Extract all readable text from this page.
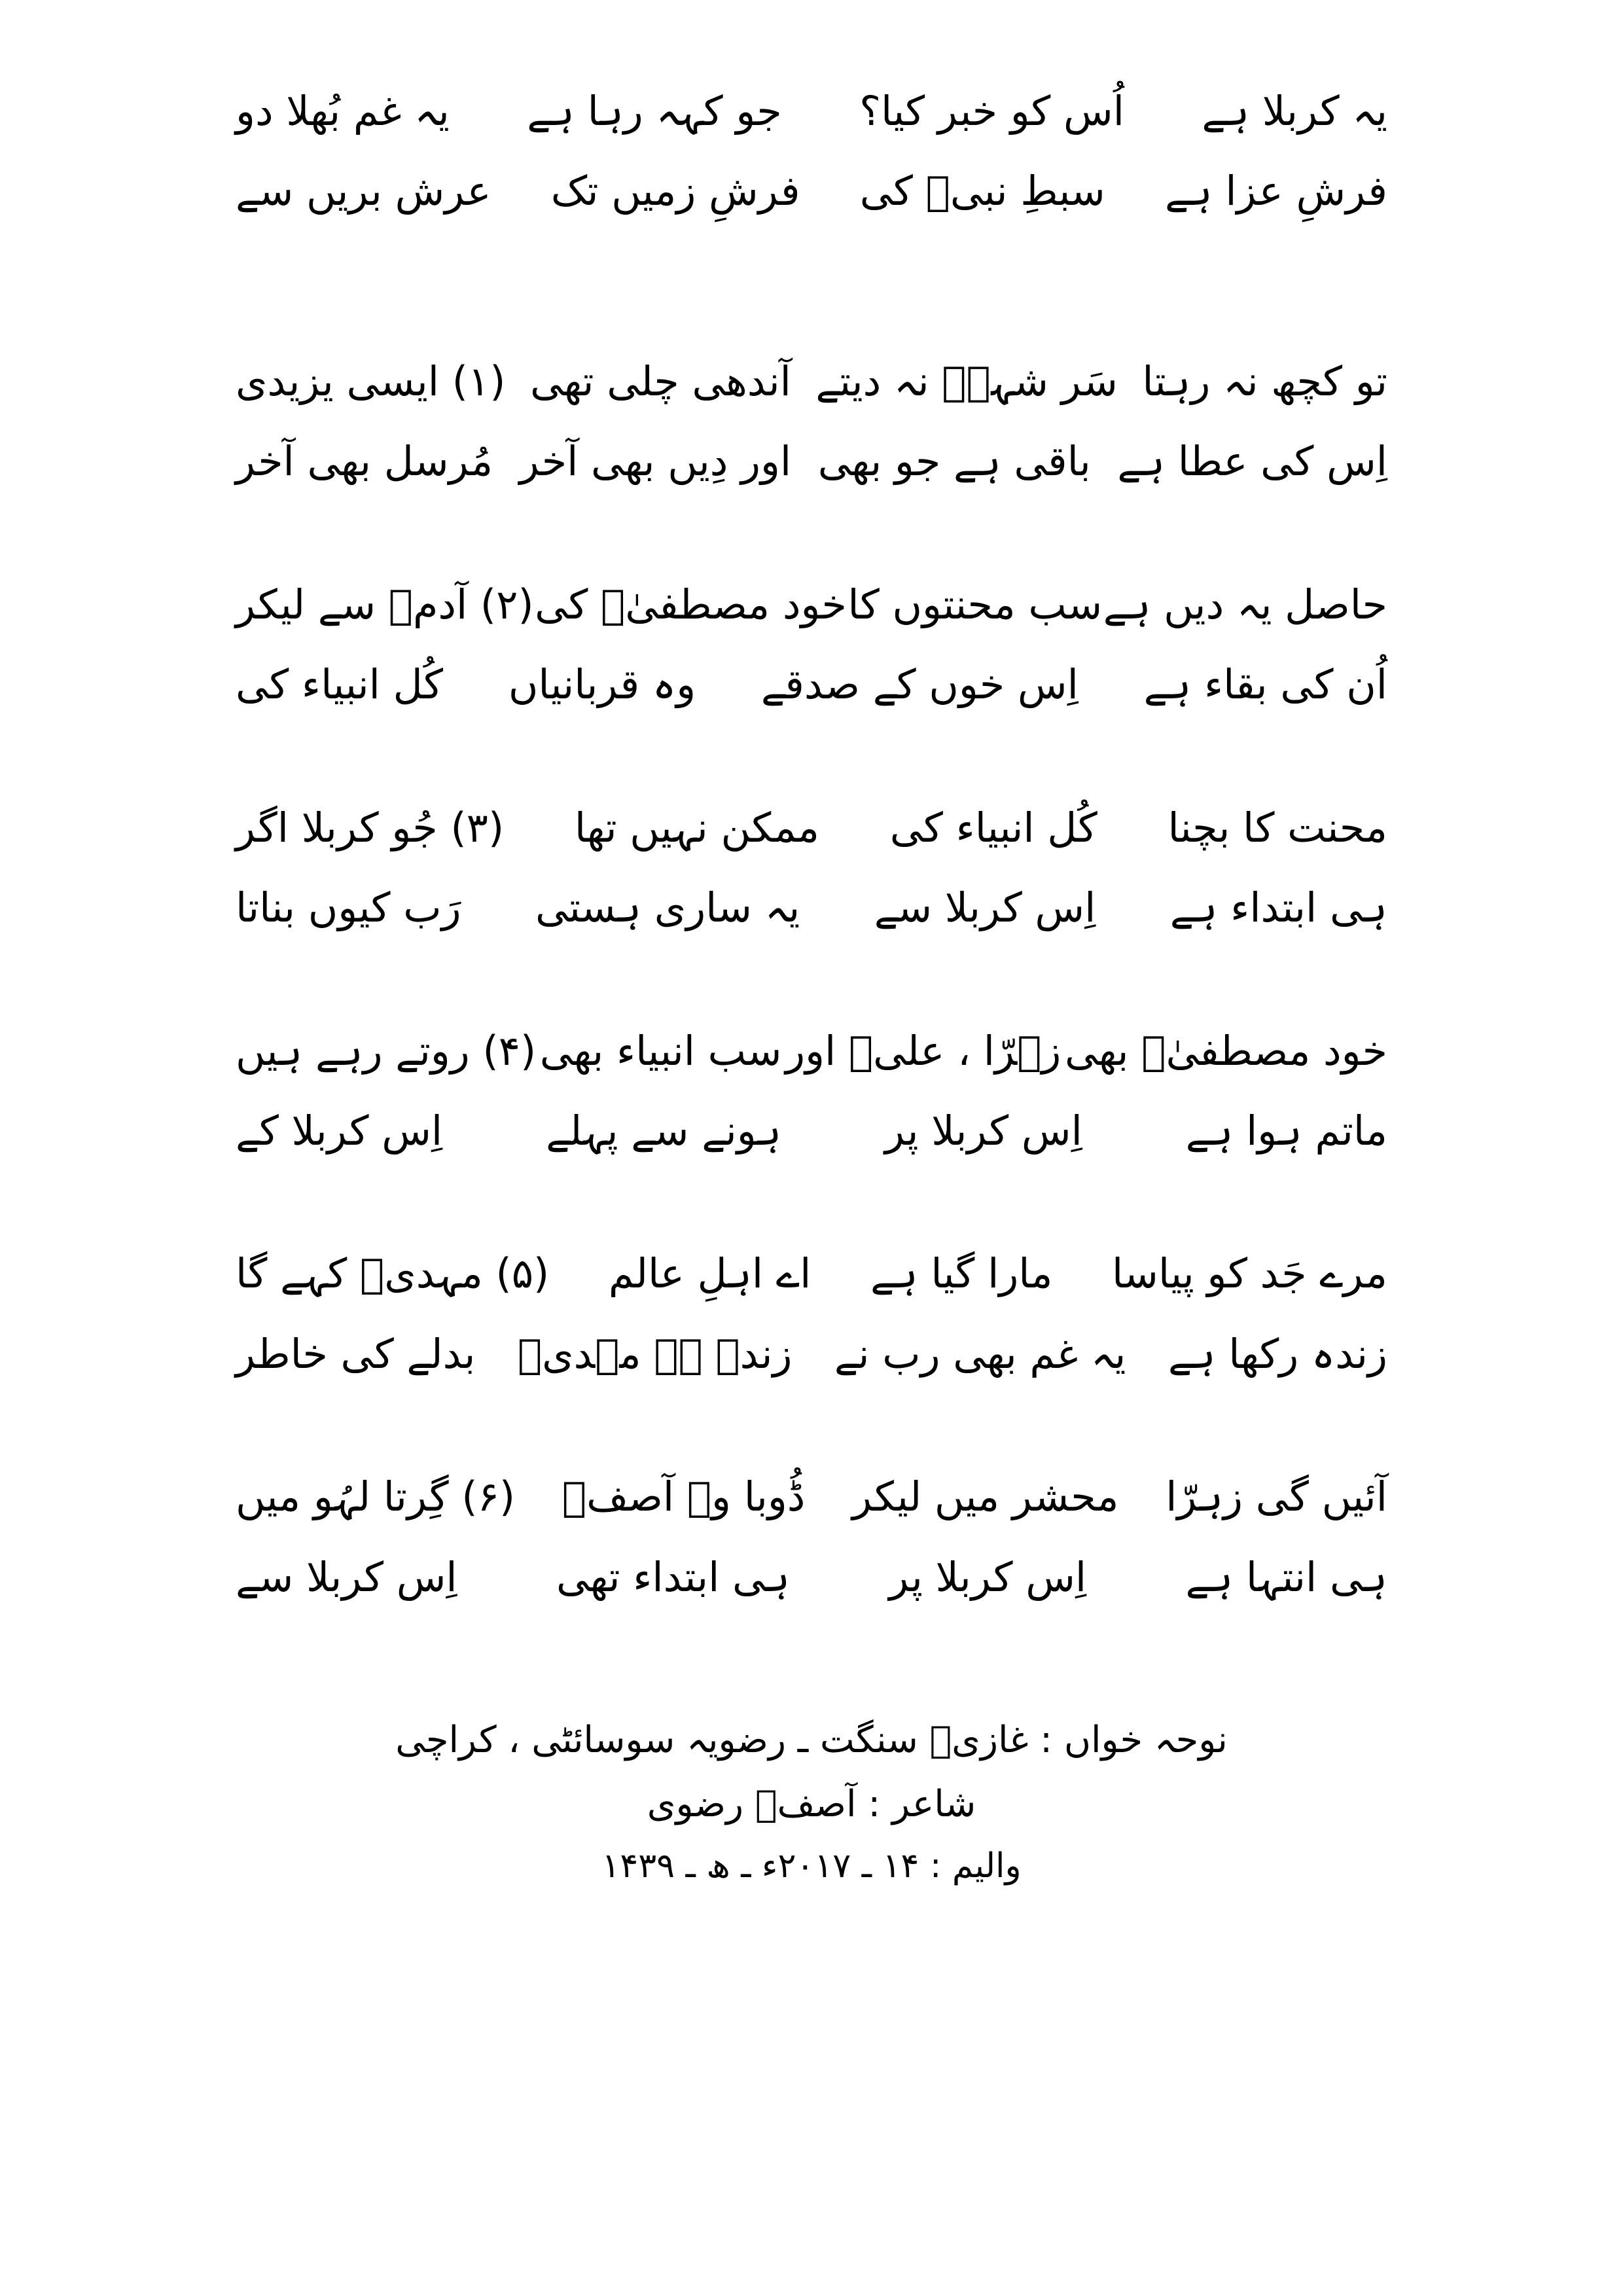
یہ کربلا ہے
اُس کو خبر کیا؟
جو کہہ رہا ہے
یہ غم بُھلا دو
فرشِ عزا ہے
سبطِ نبیؐ کی
فرشِ زمیں تک
عرش بریں سے
تو کچھ نہ رہتا
سَر شہہؑ نہ دیتے
آندھی چلی تھی
(۱) ایسی یزیدی
اِس کی عطا ہے
باقی ہے جو بھی
اور دِیں بھی آخر
مُرسل بھی آخر
حاصل یہ دیں ہے
سب محنتوں کا
خود مصطفیٰؐ کی
(۲) آدمؑ سے لیکر
اُن کی بقاء ہے
اِس خوں کے صدقے
وہ قربانیاں
کُل انبیاء کی
محنت کا بچنا
کُل انبیاء کی
ممکن نہیں تھا
(۳) جُو کربلا اگر
ہی ابتداء ہے
اِس کربلا سے
یہ ساری ہستی
رَب کیوں بناتا
خود مصطفیٰؐ بھی
زہرّا ، علیؑ اور
سب انبیاء بھی
(۴) روتے رہے ہیں
ماتم ہوا ہے
اِس کربلا پر
ہونے سے پہلے
اِس کربلا کے
مرے جَد کو پیاسا
مارا گیا ہے
اے اہلِ عالم
(۵) مہدیؑ کہے گا
زندہ رکھا ہے
یہ غم بھی رب نے
زندہ ہے مہدیؑ
بدلے کی خاطر
آئیں گی زہرّا
محشر میں لیکر
ڈُوبا وہ آصفؔ
(۶) گِرتا لہُو میں
ہی انتہا ہے
اِس کربلا پر
ہی ابتداء تھی
اِس کربلا سے
نوحہ خواں : غازیؑ سنگت ـ رضویہ سوسائٹی ، کراچی
شاعر : آصفؔ رضوی
والیم : ۱۴ ـ ۲۰۱۷ء ـ ھ ـ ۱۴۳۹
